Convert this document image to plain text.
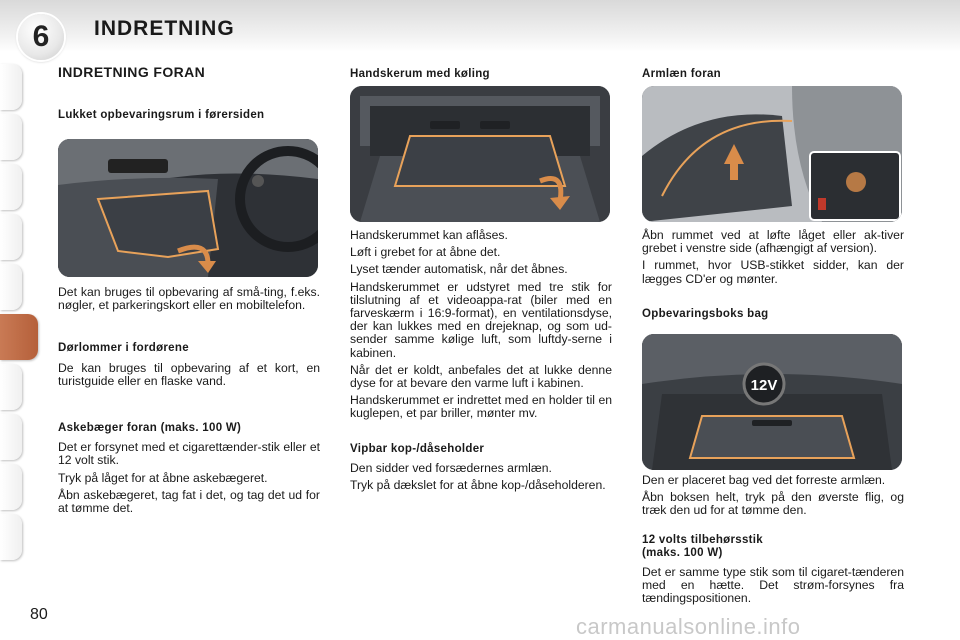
6	INDRETNING
INDRETNING FORAN
Lukket opbevaringsrum i førersiden

Det kan bruges til opbevaring af små-ting, f.eks. nøgler, et parkeringskort eller en mobiltelefon.

Dørlommer i fordørene

De kan bruges til opbevaring af et kort, en turistguide eller en flaske vand.

Askebæger foran (maks. 100 W)

Det er forsynet med et cigarettænder-stik eller et 12 volt stik.

Tryk på låget for at åbne askebægeret.

Åbn askebægeret, tag fat i det, og tag det ud for at tømme det.

Handskerum med køling

Handskerummet kan aflåses.

Løft i grebet for at åbne det.

Lyset tænder automatisk, når det åbnes.

Handskerummet er udstyret med tre stik for tilslutning af et videoappa-rat (biler med en farveskærm i 16:9-format), en ventilationsdyse, der kan lukkes med en drejeknap, og som ud-sender samme kølige luft, som luftdy-serne i kabinen.

Når det er koldt, anbefales det at lukke denne dyse for at bevare den varme luft i kabinen.

Handskerummet er indrettet med en holder til en kuglepen, et par briller, mønter mv.

Vipbar kop-/dåseholder

Den sidder ved forsædernes armlæn.

Tryk på dækslet for at åbne kop-/dåseholderen.

Armlæn foran

Åbn rummet ved at løfte låget eller ak-tiver grebet i venstre side (afhængigt af version).

I rummet, hvor USB-stikket sidder, kan der lægges CD'er og mønter.

Opbevaringsboks bag
12V

Den er placeret bag ved det forreste armlæn.

Åbn boksen helt, tryk på den øverste flig, og træk den ud for at tømme den.

12 volts tilbehørsstik
(maks. 100 W)

Det er samme type stik som til cigaret-tænderen med en hætte. Det strøm-forsynes fra tændingspositionen.

80	carmanualsonline.info
